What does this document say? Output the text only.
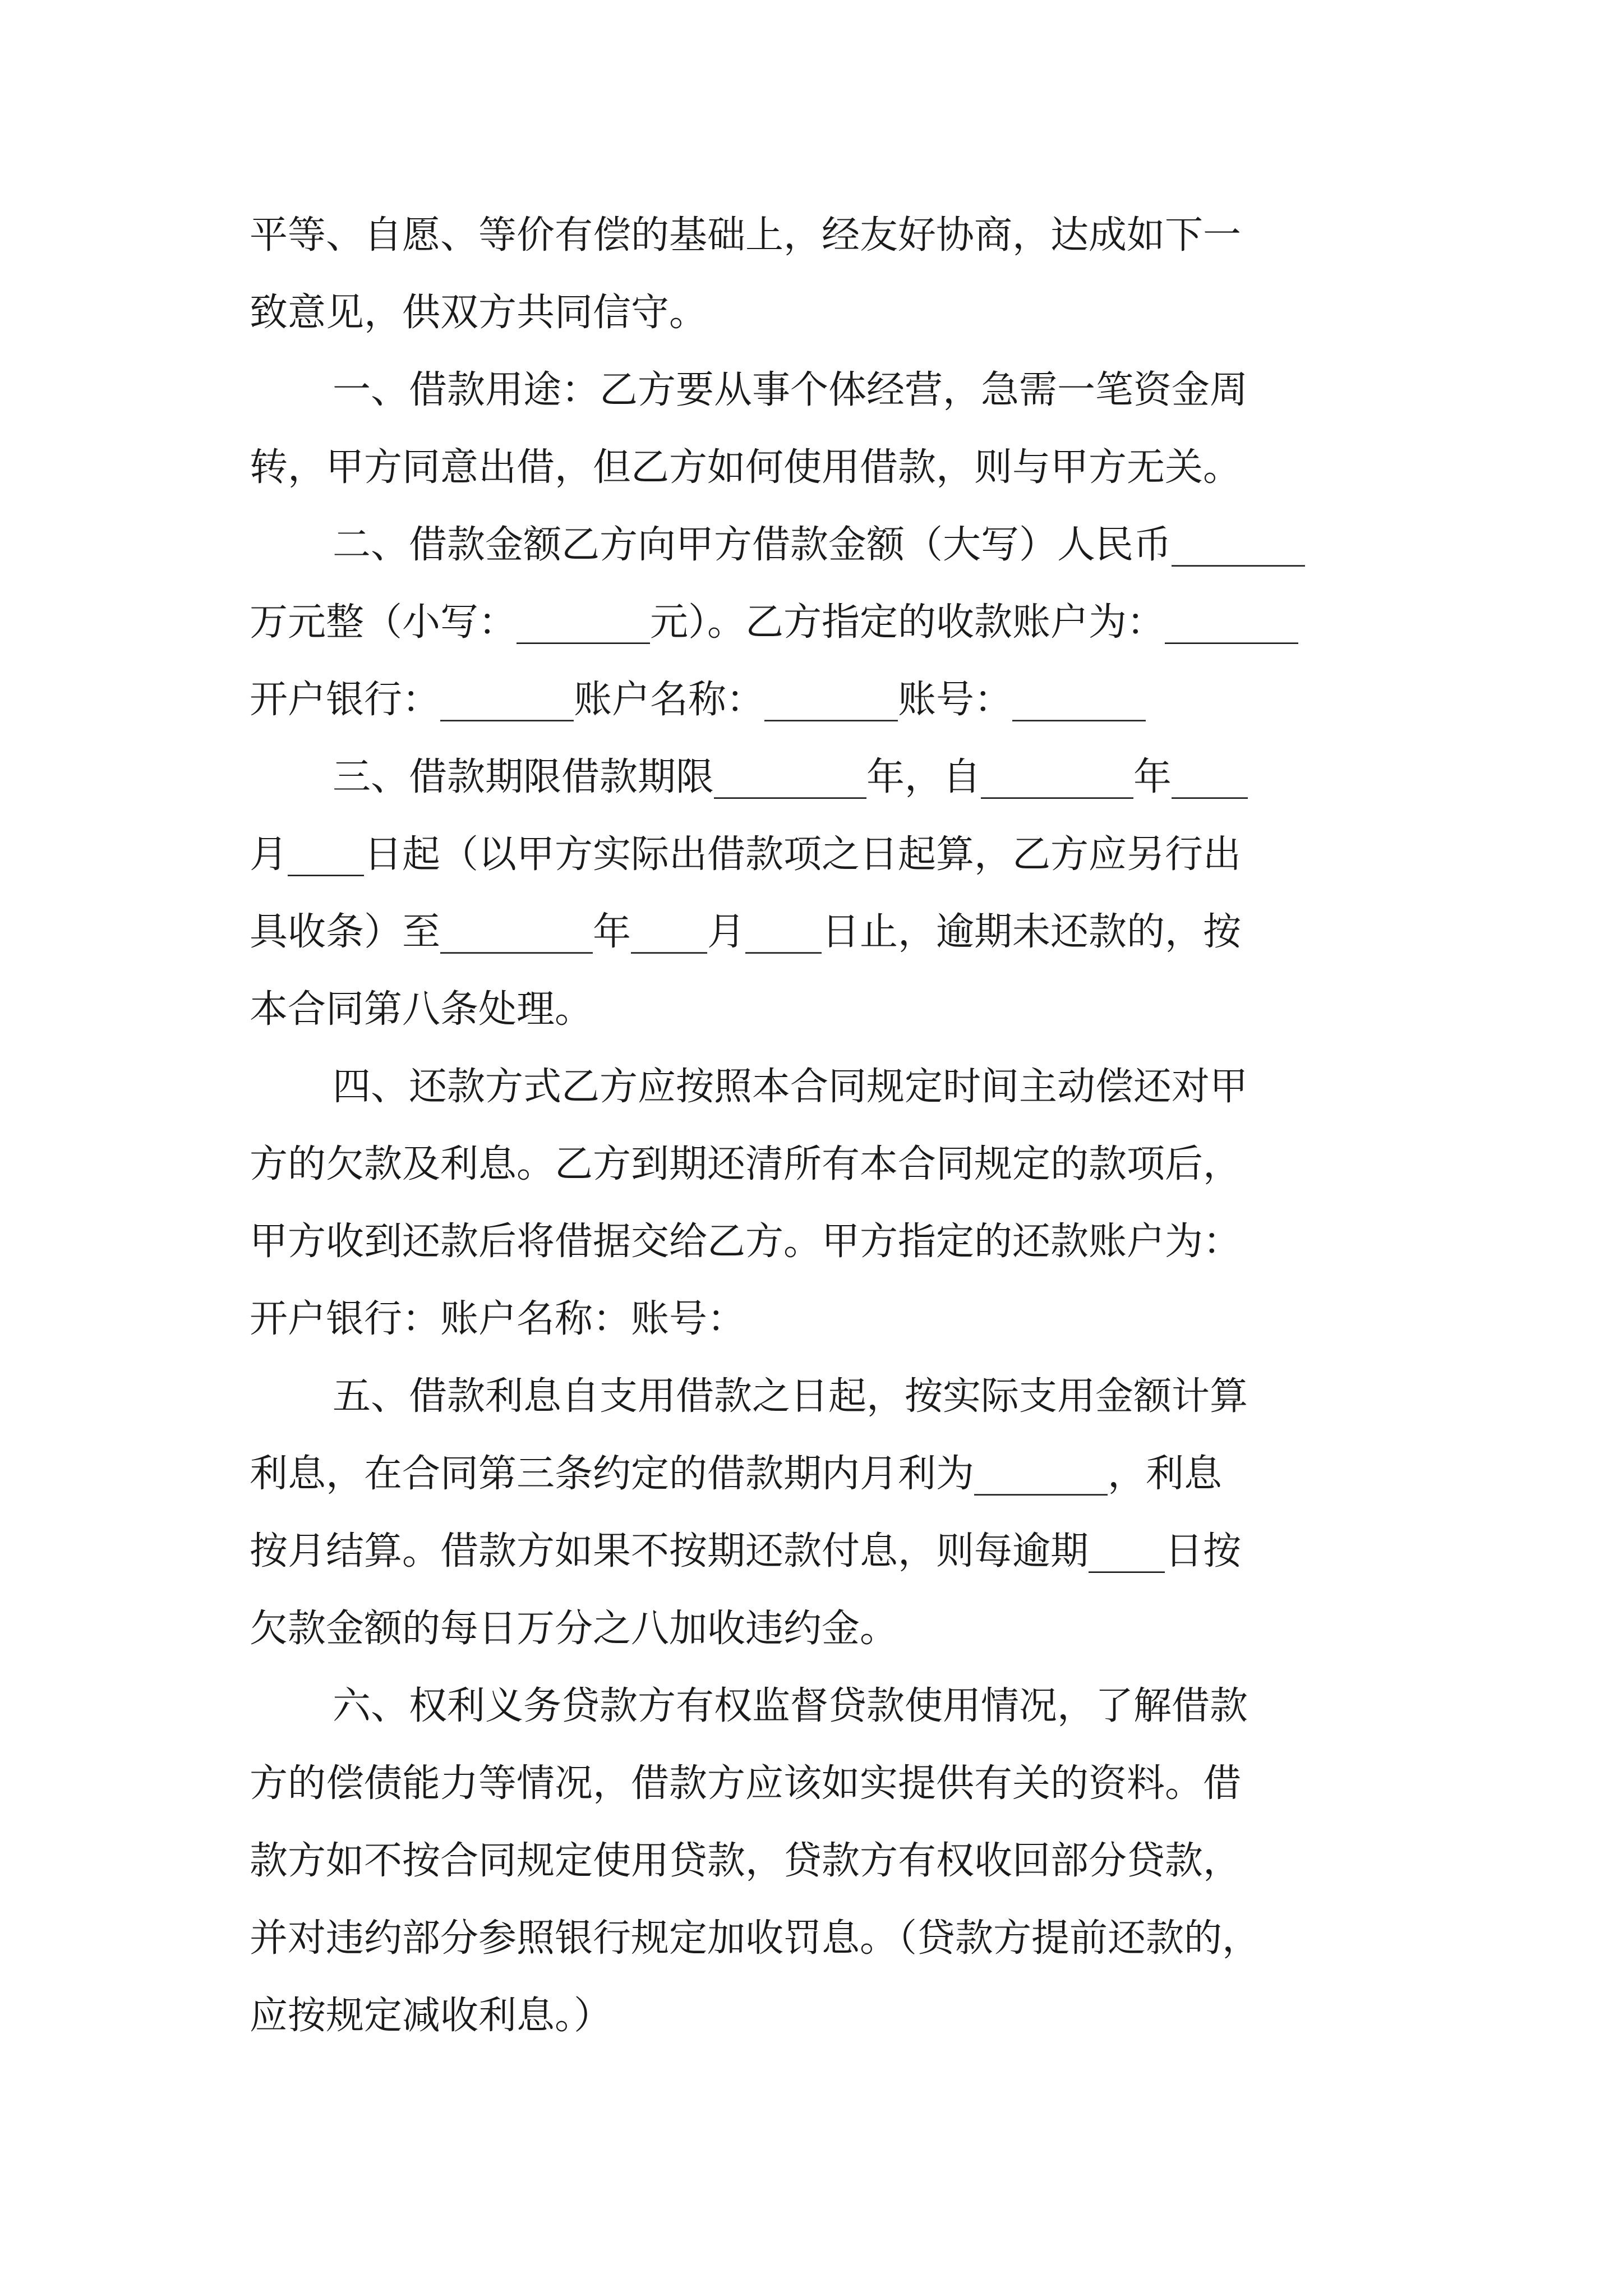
平等、自愿、等价有偿的基础上，经友好协商，达成如下一
致意见，供双方共同信守。
一、借款用途：乙方要从事个体经营，急需一笔资金周
转，甲方同意出借，但乙方如何使用借款，则与甲方无关。
二、借款金额乙方向甲方借款金额（大写）人民币_______
万元整（小写：_______元）。乙方指定的收款账户为：_______
开户银行：_______账户名称：_______账号：_______
三、借款期限借款期限________年，自________年____
月____日起（以甲方实际出借款项之日起算，乙方应另行出
具收条）至________年____月____日止，逾期未还款的，按
本合同第八条处理。
四、还款方式乙方应按照本合同规定时间主动偿还对甲
方的欠款及利息。乙方到期还清所有本合同规定的款项后，
甲方收到还款后将借据交给乙方。甲方指定的还款账户为：
开户银行：账户名称：账号：
五、借款利息自支用借款之日起，按实际支用金额计算
利息，在合同第三条约定的借款期内月利为_______，利息
按月结算。借款方如果不按期还款付息，则每逾期____日按
欠款金额的每日万分之八加收违约金。
六、权利义务贷款方有权监督贷款使用情况，了解借款
方的偿债能力等情况，借款方应该如实提供有关的资料。借
款方如不按合同规定使用贷款，贷款方有权收回部分贷款，
并对违约部分参照银行规定加收罚息。（贷款方提前还款的，
应按规定减收利息。）
